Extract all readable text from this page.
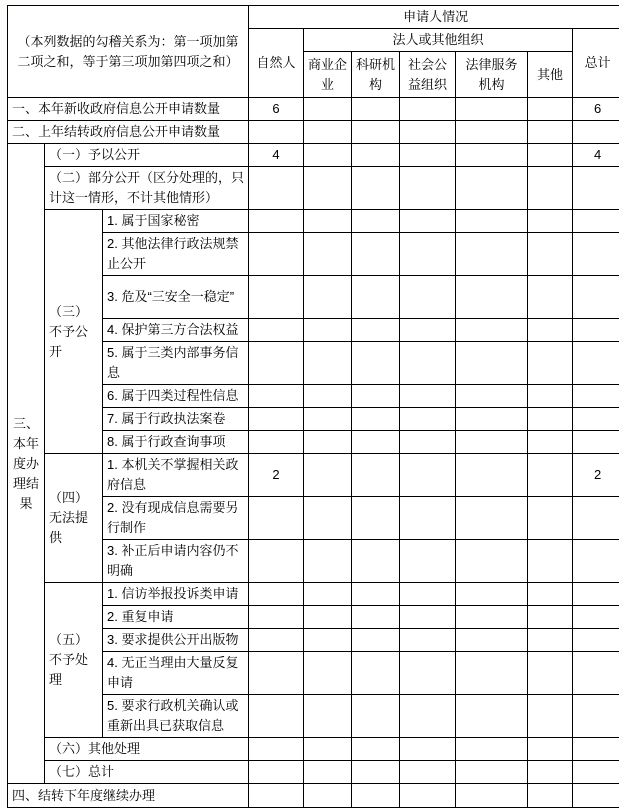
（本列数据的勾稽关系为：第一项加第二项之和，等于第三项加第四项之和）			申请人情况						
			自然人	法人或其他组织					总计
				商业企业	科研机构	社会公益组织	法律服务机构	其他	
一、本年新收政府信息公开申请数量			6						6
二、上年结转政府信息公开申请数量									
三、本年度办理结果	（一）予以公开		4						4
	（二）部分公开（区分处理的，只计这一情形，不计其他情形）								
	（三）不予公开	1. 属于国家秘密							
		2. 其他法律行政法规禁止公开							
		3. 危及“三安全一稳定”							
		4. 保护第三方合法权益							
		5. 属于三类内部事务信息							
		6. 属于四类过程性信息							
		7. 属于行政执法案卷							
		8. 属于行政查询事项							
	（四）无法提供	1. 本机关不掌握相关政府信息	2						2
		2. 没有现成信息需要另行制作							
		3. 补正后申请内容仍不明确							
	（五）不予处理	1. 信访举报投诉类申请							
		2. 重复申请							
		3. 要求提供公开出版物							
		4. 无正当理由大量反复申请							
		5. 要求行政机关确认或重新出具已获取信息							
	（六）其他处理								
	（七）总计								
四、结转下年度继续办理									
